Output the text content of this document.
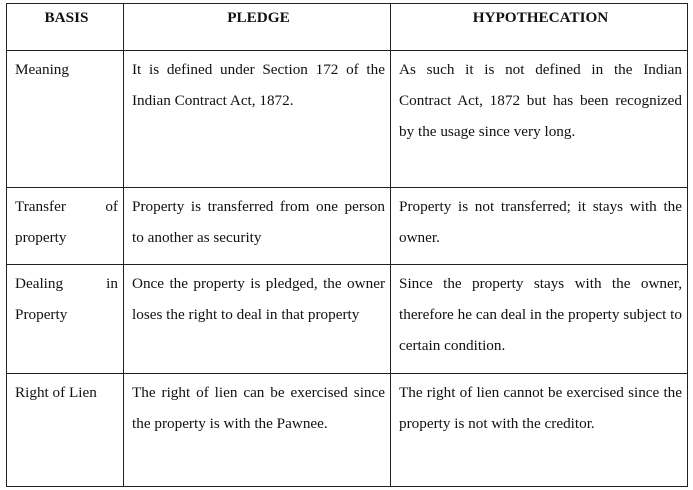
BASIS	PLEDGE	HYPOTHECATION
Meaning	It is defined under Section 172 of the Indian Contract Act, 1872.	As such it is not defined in the Indian Contract Act, 1872 but has been recognized by the usage since very long.
Transfer of property	Property is transferred from one person to another as security	Property is not transferred; it stays with the owner.
Dealing in Property	Once the property is pledged, the owner loses the right to deal in that property	Since the property stays with the owner, therefore he can deal in the property subject to certain condition.
Right of Lien	The right of lien can be exercised since the property is with the Pawnee.	The right of lien cannot be exercised since the property is not with the creditor.
